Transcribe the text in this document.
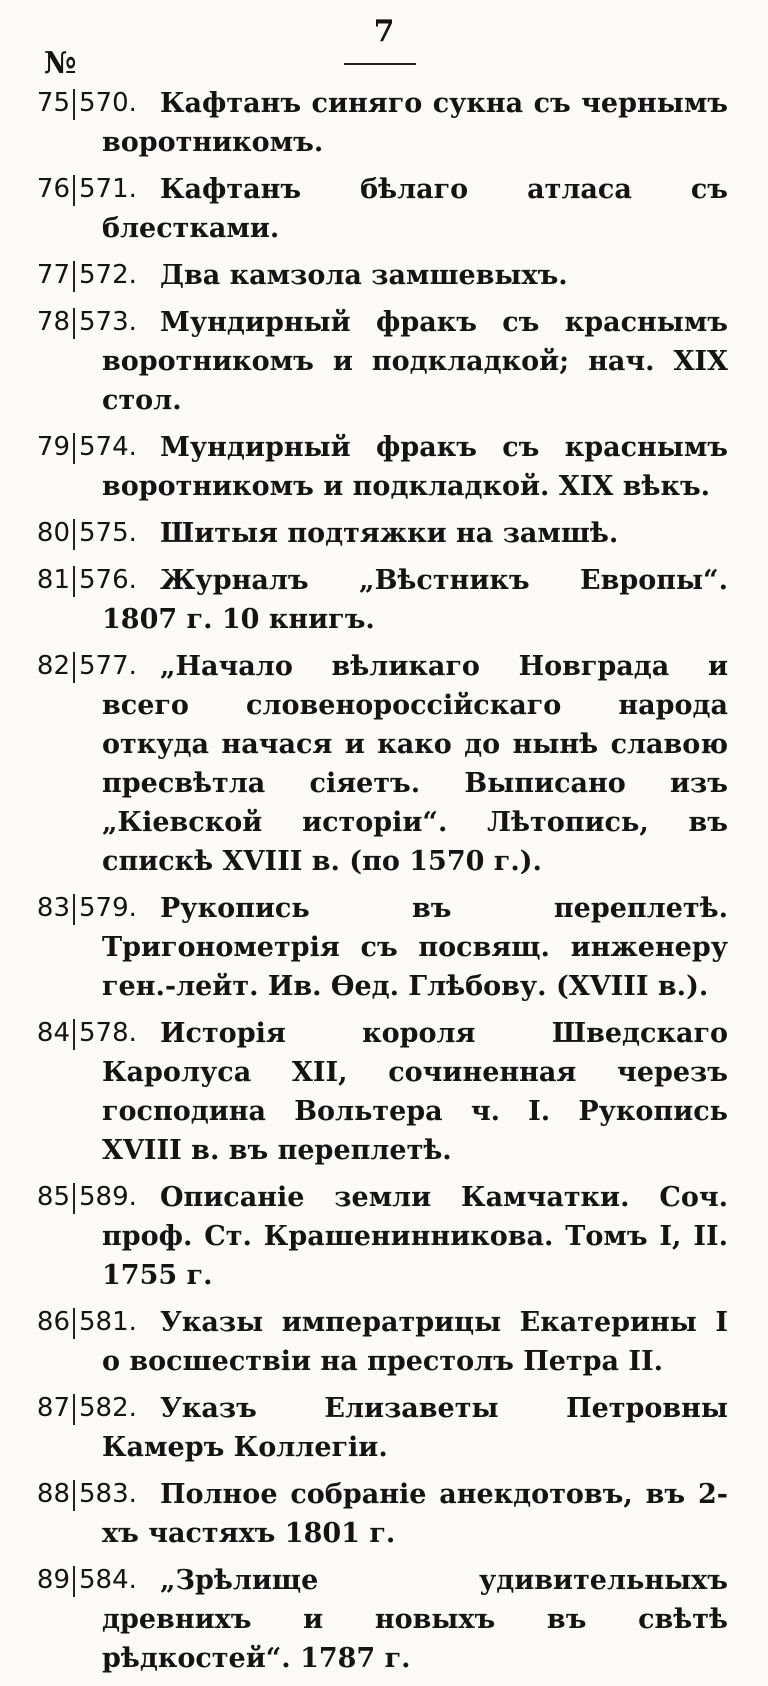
7
№
75 570. Кафтанъ синяго сукна съ чернымъ воротникомъ.
76 571. Кафтанъ бѣлаго атласа съ блестками.
77 572. Два камзола замшевыхъ.
78 573. Мундирный фракъ съ краснымъ воротникомъ и подкладкой; нач. XIX стол.
79 574. Мундирный фракъ съ краснымъ воротникомъ и подкладкой. XIX вѣкъ.
80 575. Шитыя подтяжки на замшѣ.
81 576. Журналъ „Вѣстникъ Европы“. 1807 г. 10 книгъ.
82 577. „Начало вѣликаго Новграда и всего словенороссiйскаго народа откуда начася и како до нынѣ славою пресвѣтла сiяетъ. Выписано изъ „Кiевской исторiи“. Лѣтопись, въ спискѣ XVIII в. (по 1570 г.).
83 579. Рукопись въ переплетѣ. Тригонометрiя съ посвящ. инженеру ген.-лейт. Ив. Ѳед. Глѣбову. (XVIII в.).
84 578. Исторiя короля Шведскаго Каролуса XII, сочиненная черезъ господина Вольтера ч. I. Рукопись XVIII в. въ переплетѣ.
85 589. Описанiе земли Камчатки. Соч. проф. Ст. Крашенинникова. Томъ I, II. 1755 г.
86 581. Указы императрицы Екатерины I о восшествiи на престолъ Петра II.
87 582. Указъ Елизаветы Петровны Камеръ Коллегiи.
88 583. Полное собранiе анекдотовъ, въ 2-хъ частяхъ 1801 г.
89 584. „Зрѣлище удивительныхъ древнихъ и новыхъ въ свѣтѣ рѣдкостей“. 1787 г.
